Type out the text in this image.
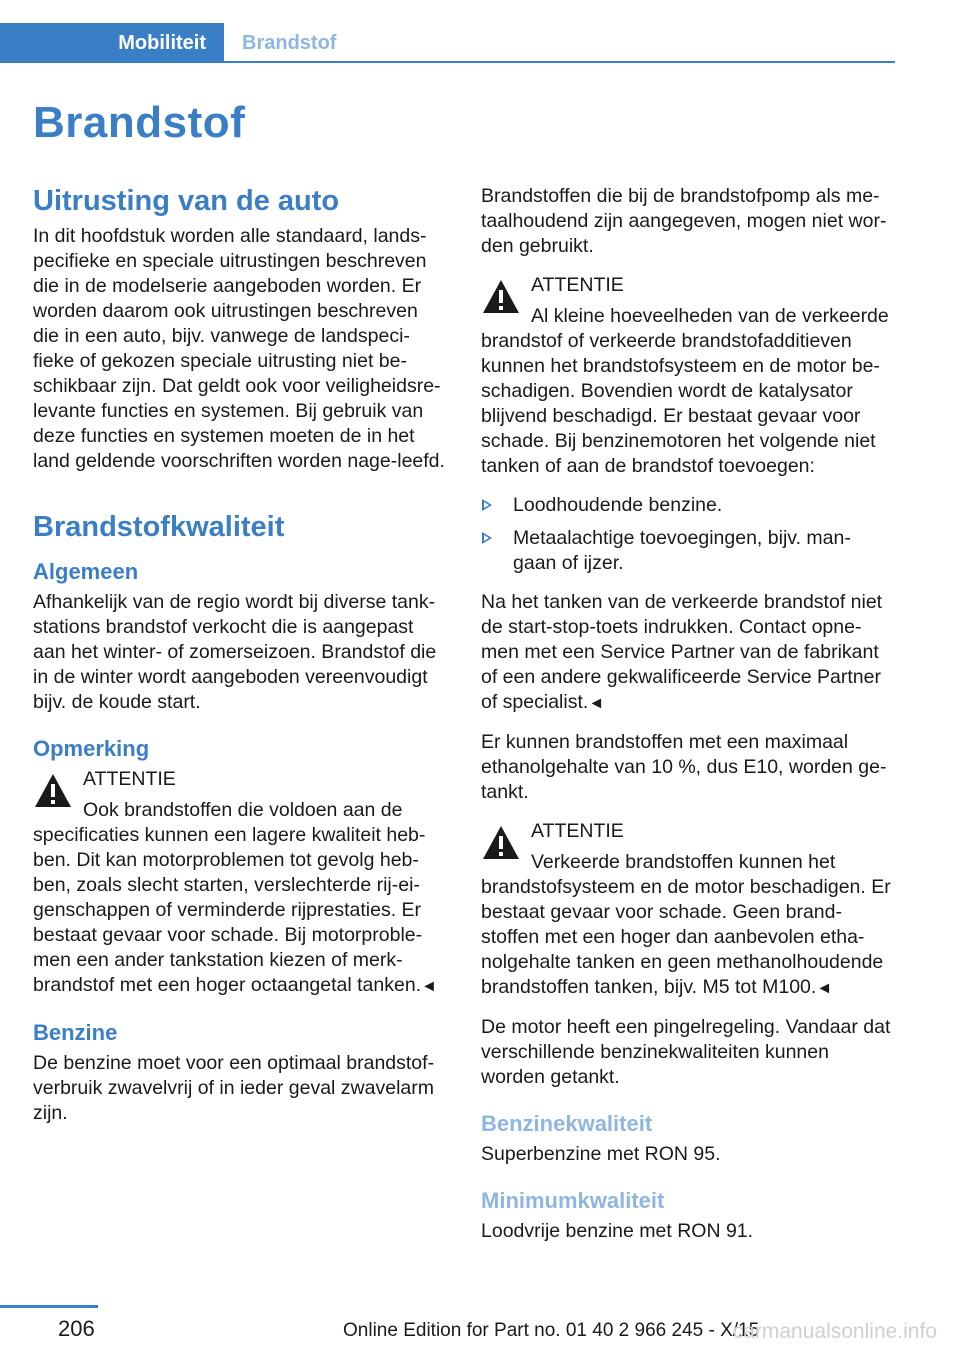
Mobiliteit	Brandstof
Brandstof
Uitrusting van de auto

In dit hoofdstuk worden alle standaard, lands-pecifieke en speciale uitrustingen beschreven die in de modelserie aangeboden worden. Er worden daarom ook uitrustingen beschreven die in een auto, bijv. vanwege de landspeci-fieke of gekozen speciale uitrusting niet be-schikbaar zijn. Dat geldt ook voor veiligheidsre-levante functies en systemen. Bij gebruik van deze functies en systemen moeten de in het land geldende voorschriften worden nage-leefd.

Brandstofkwaliteit
Algemeen

Afhankelijk van de regio wordt bij diverse tank-stations brandstof verkocht die is aangepast aan het winter- of zomerseizoen. Brandstof die in de winter wordt aangeboden vereenvoudigt bijv. de koude start.

Opmerking
ATTENTIE
Ook brandstoffen die voldoen aan de specificaties kunnen een lagere kwaliteit heb-ben. Dit kan motorproblemen tot gevolg heb-ben, zoals slecht starten, verslechterde rij-ei-genschappen of verminderde rijprestaties. Er bestaat gevaar voor schade. Bij motorproble-men een ander tankstation kiezen of merk-brandstof met een hoger octaangetal tanken.◄
Benzine

De benzine moet voor een optimaal brandstof-verbruik zwavelvrij of in ieder geval zwavelarm zijn.

Brandstoffen die bij de brandstofpomp als me-taalhoudend zijn aangegeven, mogen niet wor-den gebruikt.

ATTENTIE
Al kleine hoeveelheden van de verkeerde brandstof of verkeerde brandstofadditieven kunnen het brandstofsysteem en de motor be-schadigen. Bovendien wordt de katalysator blijvend beschadigd. Er bestaat gevaar voor schade. Bij benzinemotoren het volgende niet tanken of aan de brandstof toevoegen:
Loodhoudende benzine.
Metaalachtige toevoegingen, bijv. man-gaan of ijzer.

Na het tanken van de verkeerde brandstof niet de start-stop-toets indrukken. Contact opne-men met een Service Partner van de fabrikant of een andere gekwalificeerde Service Partner of specialist.◄

Er kunnen brandstoffen met een maximaal ethanolgehalte van 10 %, dus E10, worden ge-tankt.

ATTENTIE
Verkeerde brandstoffen kunnen het brandstofsysteem en de motor beschadigen. Er bestaat gevaar voor schade. Geen brand-stoffen met een hoger dan aanbevolen etha-nolgehalte tanken en geen methanolhoudende brandstoffen tanken, bijv. M5 tot M100.◄

De motor heeft een pingelregeling. Vandaar dat verschillende benzinekwaliteiten kunnen worden getankt.

Benzinekwaliteit

Superbenzine met RON 95.

Minimumkwaliteit

Loodvrije benzine met RON 91.

206	Online Edition for Part no. 01 40 2 966 245 - X/15
carmanualsonline.info
